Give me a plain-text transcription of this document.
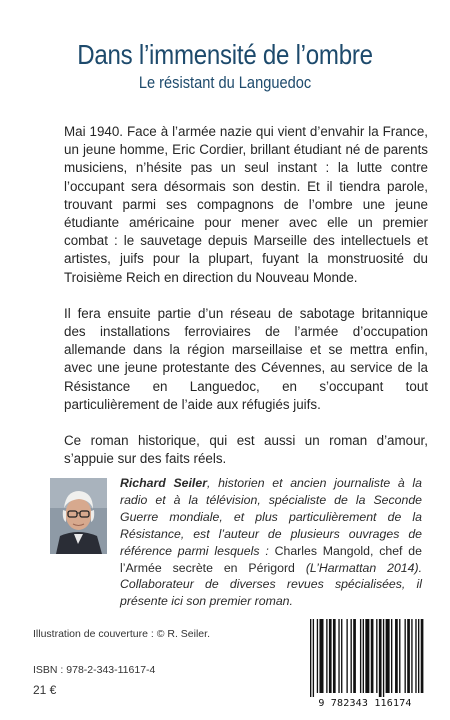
Dans l’immensité de l’ombre
Le résistant du Languedoc

Mai 1940. Face à l’armée nazie qui vient d’envahir la France, un jeune homme, Eric Cordier, brillant étudiant né de parents musiciens, n’hésite pas un seul instant : la lutte contre l’occupant sera désormais son destin. Et il tiendra parole, trouvant parmi ses compagnons de l’ombre une jeune étudiante américaine pour mener avec elle un premier combat : le sauvetage depuis Marseille des intellectuels et artistes, juifs pour la plupart, fuyant la monstruosité du Troisième Reich en direction du Nouveau Monde.

Il fera ensuite partie d’un réseau de sabotage britannique des installations ferroviaires de l’armée d’occupation allemande dans la région marseillaise et se mettra enfin, avec une jeune protestante des Cévennes, au service de la Résistance en Languedoc, en s’occupant tout particulièrement de l’aide aux réfugiés juifs.

Ce roman historique, qui est aussi un roman d’amour, s’appuie sur des faits réels.

Richard Seiler, historien et ancien journaliste à la radio et à la télévision, spécialiste de la Seconde Guerre mondiale, et plus particulièrement de la Résistance, est l’auteur de plusieurs ouvrages de référence parmi lesquels : Charles Mangold, chef de l’Armée secrète en Périgord (L’Harmattan 2014). Collaborateur de diverses revues spécialisées, il présente ici son premier roman.
Illustration de couverture : © R. Seiler.
ISBN : 978-2-343-11617-4
21 €
9 782343 116174
